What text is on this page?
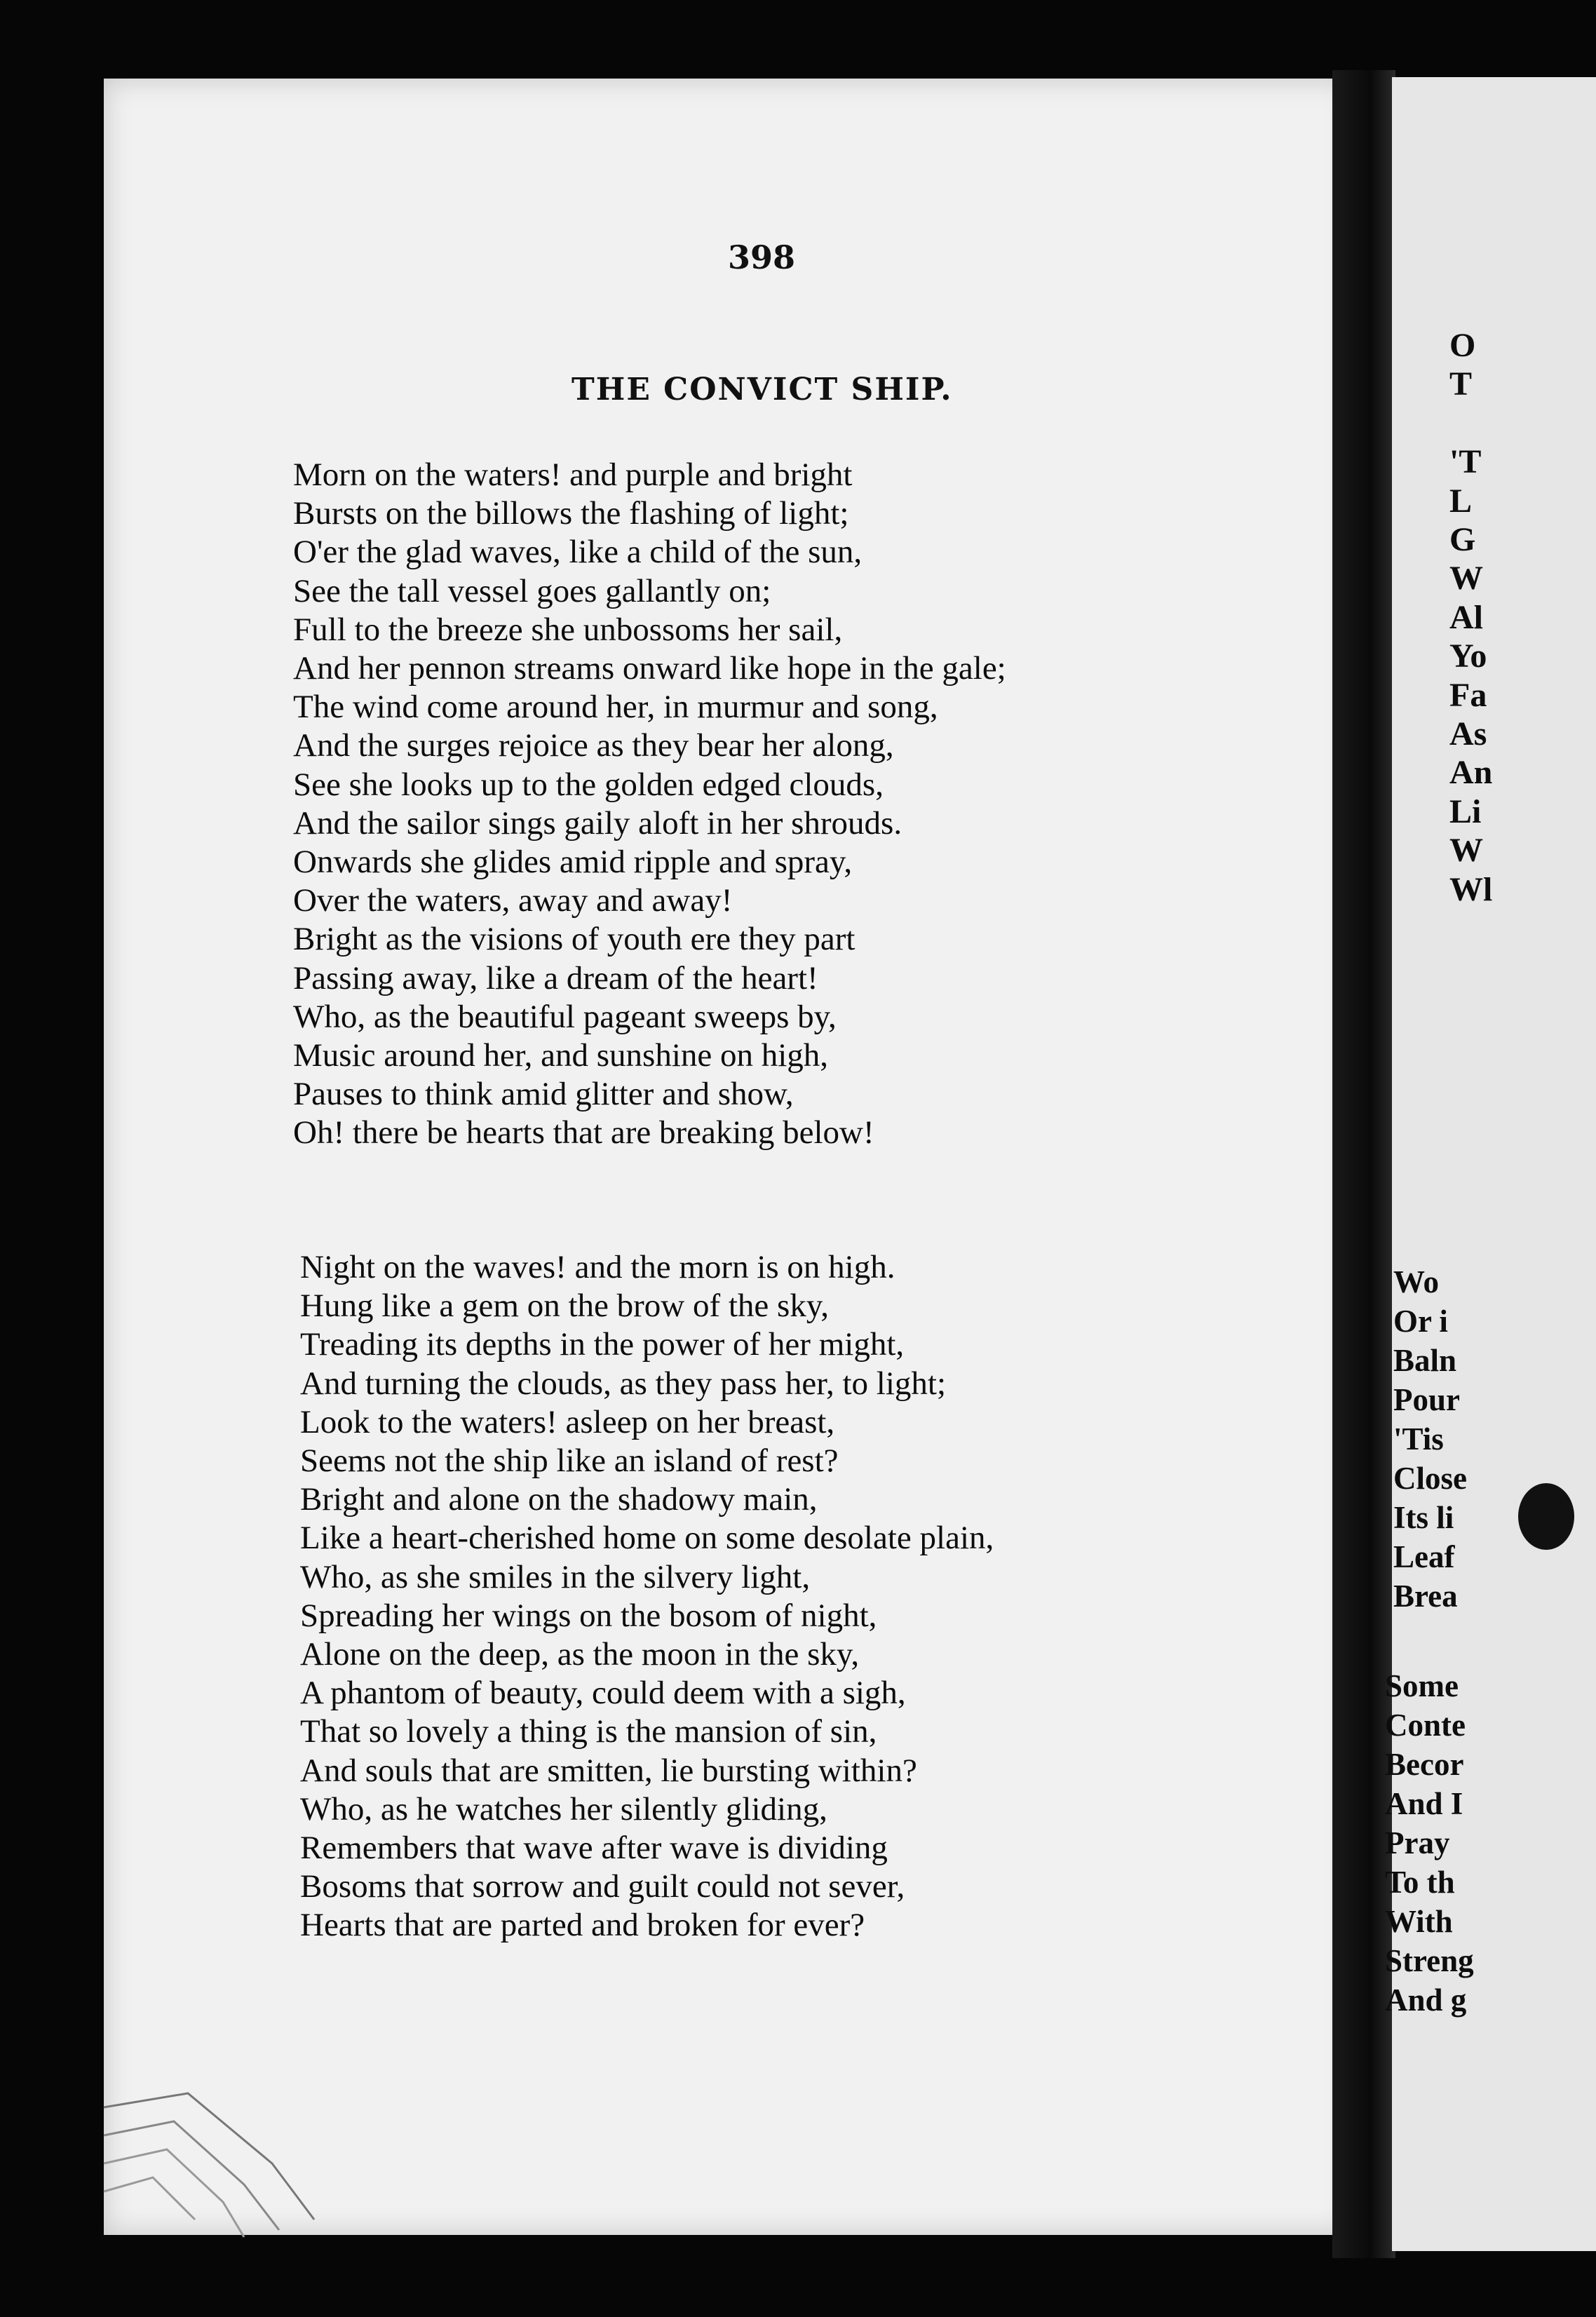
398
THE CONVICT SHIP.
Morn on the waters! and purple and bright
Bursts on the billows the flashing of light;
O'er the glad waves, like a child of the sun,
See the tall vessel goes gallantly on;
Full to the breeze she unbossoms her sail,
And her pennon streams onward like hope in the gale;
The wind come around her, in murmur and song,
And the surges rejoice as they bear her along,
See she looks up to the golden edged clouds,
And the sailor sings gaily aloft in her shrouds.
Onwards she glides amid ripple and spray,
Over the waters, away and away!
Bright as the visions of youth ere they part
Passing away, like a dream of the heart!
Who, as the beautiful pageant sweeps by,
Music around her, and sunshine on high,
Pauses to think amid glitter and show,
Oh! there be hearts that are breaking below!
Night on the waves! and the morn is on high.
Hung like a gem on the brow of the sky,
Treading its depths in the power of her might,
And turning the clouds, as they pass her, to light;
Look to the waters! asleep on her breast,
Seems not the ship like an island of rest?
Bright and alone on the shadowy main,
Like a heart-cherished home on some desolate plain,
Who, as she smiles in the silvery light,
Spreading her wings on the bosom of night,
Alone on the deep, as the moon in the sky,
A phantom of beauty, could deem with a sigh,
That so lovely a thing is the mansion of sin,
And souls that are smitten, lie bursting within?
Who, as he watches her silently gliding,
Remembers that wave after wave is dividing
Bosoms that sorrow and guilt could not sever,
Hearts that are parted and broken for ever?
O
T

'T
L
G
W
Al
Yo
Fa
As
An
Li
W
Wl
Wo
Or i
Baln
Pour
'Tis
Close
Its li
Leaf
Brea
Some
Conte
Becor
And I
Pray
To th
With
Streng
And g
